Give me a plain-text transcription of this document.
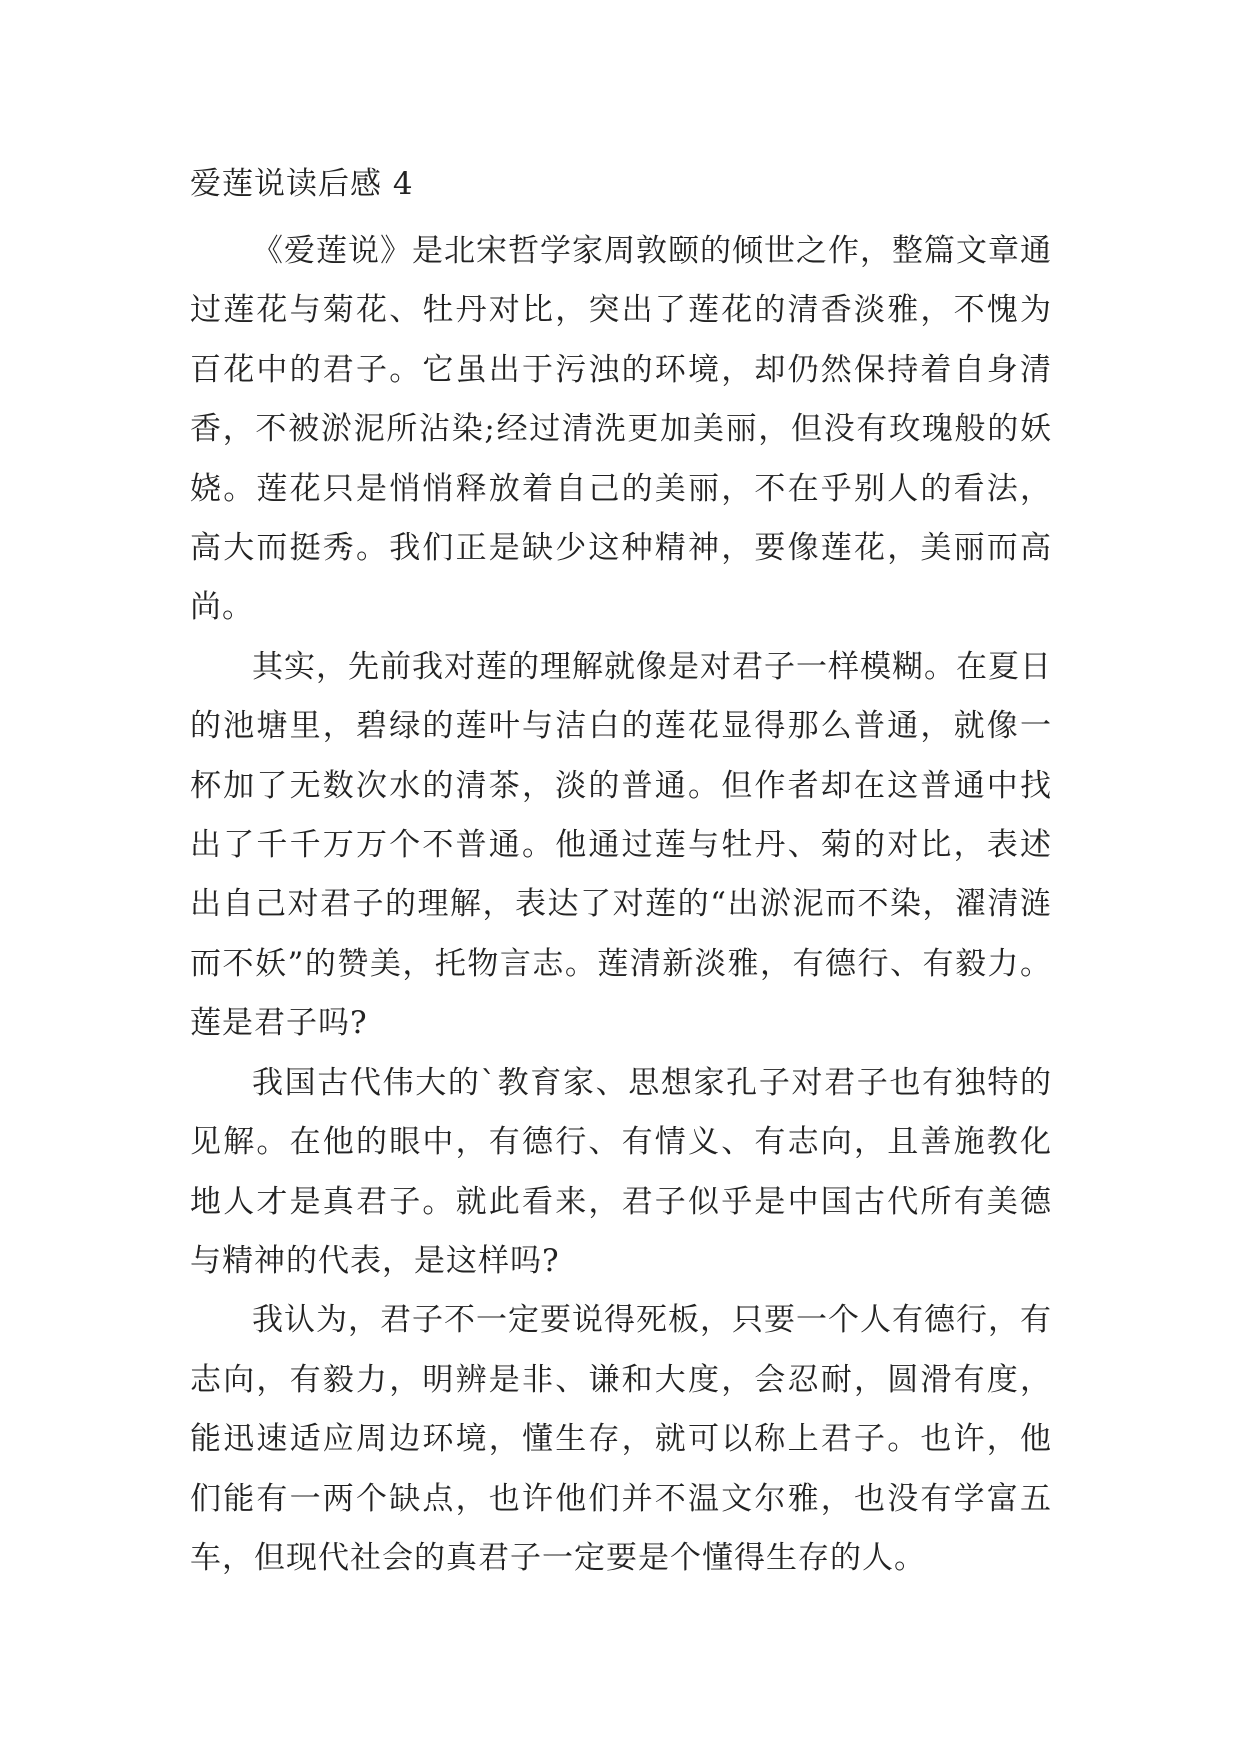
爱莲说读后感 4

《爱莲说》是北宋哲学家周敦颐的倾世之作，整篇文章通过莲花与菊花、牡丹对比，突出了莲花的清香淡雅，不愧为百花中的君子。它虽出于污浊的环境，却仍然保持着自身清香，不被淤泥所沾染;经过清洗更加美丽，但没有玫瑰般的妖娆。莲花只是悄悄释放着自己的美丽，不在乎别人的看法，高大而挺秀。我们正是缺少这种精神，要像莲花，美丽而高尚。

其实，先前我对莲的理解就像是对君子一样模糊。在夏日的池塘里，碧绿的莲叶与洁白的莲花显得那么普通，就像一杯加了无数次水的清茶，淡的普通。但作者却在这普通中找出了千千万万个不普通。他通过莲与牡丹、菊的对比，表述出自己对君子的理解，表达了对莲的“出淤泥而不染，濯清涟而不妖”的赞美，托物言志。莲清新淡雅，有德行、有毅力。莲是君子吗?

我国古代伟大的`教育家、思想家孔子对君子也有独特的见解。在他的眼中，有德行、有情义、有志向，且善施教化地人才是真君子。就此看来，君子似乎是中国古代所有美德与精神的代表，是这样吗?

我认为，君子不一定要说得死板，只要一个人有德行，有志向，有毅力，明辨是非、谦和大度，会忍耐，圆滑有度，能迅速适应周边环境，懂生存，就可以称上君子。也许，他们能有一两个缺点，也许他们并不温文尔雅，也没有学富五车，但现代社会的真君子一定要是个懂得生存的人。
